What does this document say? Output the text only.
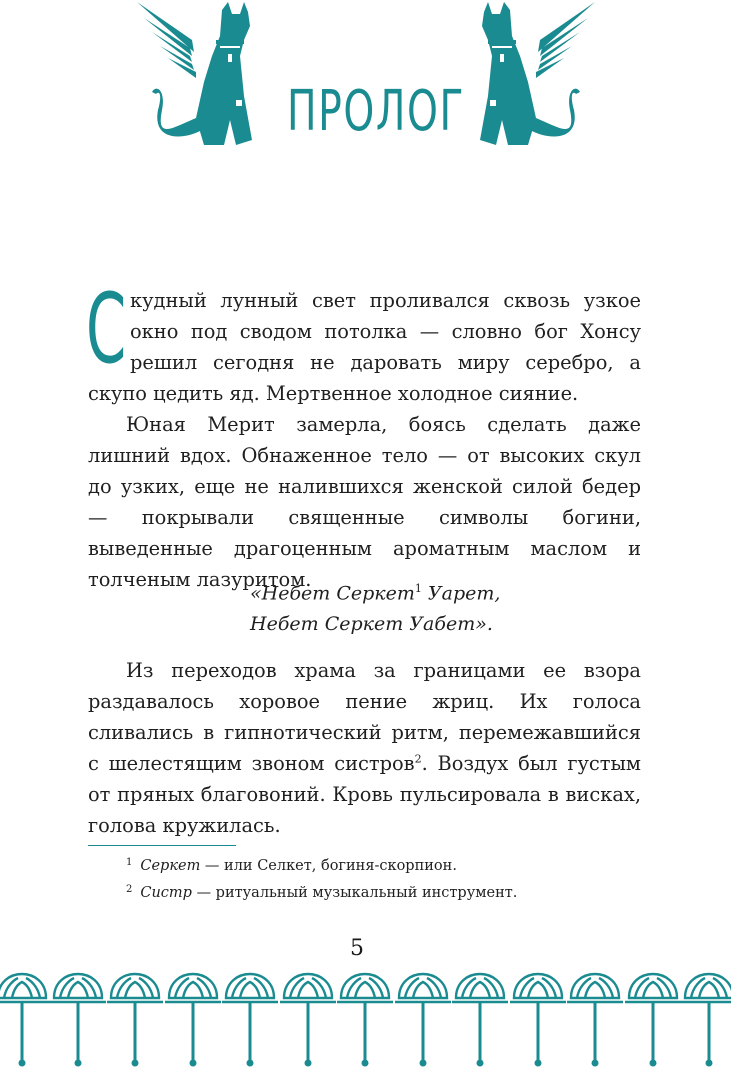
ПРОЛОГ

Скудный лунный свет проливался сквозь узкое окно под сводом потолка — словно бог Хонсу решил сегодня не даровать миру серебро, а скупо цедить яд. Мертвенное холодное сияние.

Юная Мерит замерла, боясь сделать даже лишний вдох. Обнаженное тело — от высоких скул до узких, еще не налившихся женской силой бедер — покрывали священные символы богини, выведенные драгоценным ароматным маслом и толченым лазуритом.

«Небет Серкет$^1$ Уарет,
Небет Серкет Уабет».
Из переходов храма за границами ее взора раздавалось хоровое пение жриц. Их голоса сливались в гипнотический ритм, перемежавшийся с шелестящим звоном систров$^2$. Воздух был густым от пряных благовоний. Кровь пульсировала в висках, голова кружилась.
$^1$ Серкет — или Селкет, богиня-скорпион.
$^2$ Систр — ритуальный музыкальный инструмент.
5
